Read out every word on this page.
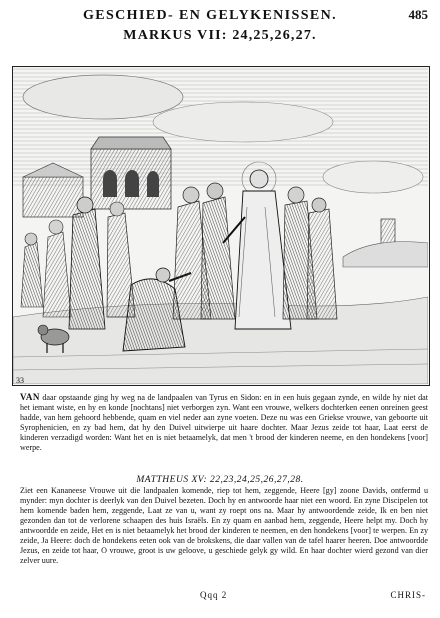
GESCHIED- EN GELYKENISSEN.	485
MARKUS VII: 24,25,26,27.
33
VAN daar opstaande ging hy weg na de landpaalen van Tyrus en Sidon: en in een huis gegaan zynde, en wilde hy niet dat het iemant wiste, en hy en konde [nochtans] niet verborgen zyn. Want een vrouwe, welkers dochterken eenen onreinen geest hadde, van hem gehoord hebbende, quam en viel neder aan zyne voeten. Deze nu was een Griekse vrouwe, van geboorte uit Syrophenicien, en zy bad hem, dat hy den Duivel uitwierpe uit haare dochter. Maar Jezus zeide tot haar, Laat eerst de kinderen verzadigd worden: Want het en is niet betaamelyk, dat men 't brood der kinderen neeme, en den hondekens [voor] werpe.
MATTHEUS XV: 22,23,24,25,26,27,28.
Ziet een Kananeese Vrouwe uit die landpaalen komende, riep tot hem, zeggende, Heere [gy] zoone Davids, ontfermd u mynder: myn dochter is deerlyk van den Duivel bezeten. Doch hy en antwoorde haar niet een woord. En zyne Discipelen tot hem komende baden hem, zeggende, Laat ze van u, want zy roept ons na. Maar hy antwoordende zeide, Ik en ben niet gezonden dan tot de verlorene schaapen des huis Israëls. En zy quam en aanbad hem, zeggende, Heere helpt my. Doch hy antwoordde en zeide, Het en is niet betaamelyk het brood der kinderen te neemen, en den hondekens [voor] te werpen. En zy zeide, Ja Heere: doch de hondekens eeten ook van de brokskens, die daar vallen van de tafel haarer heeren. Doe antwoordde Jezus, en zeide tot haar, O vrouwe, groot is uw geloove, u geschiede gelyk gy wild. En haar dochter wierd gezond van dier zelver uure.
Qqq 2	CHRIS-
